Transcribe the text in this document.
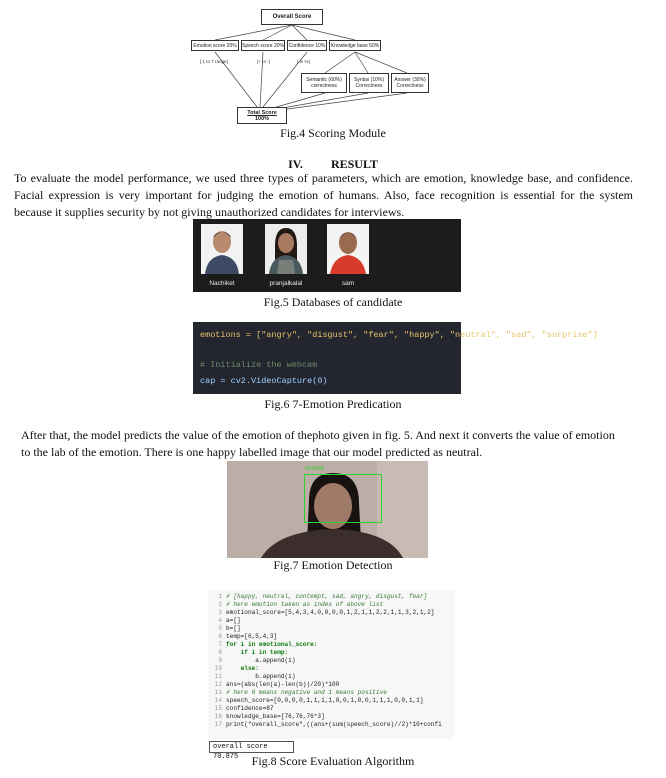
Overall Score
Emotion score 20%	Speech score 20% Confidence 10%	Knowledge base 50%
[ 1 to 7 range]	[+ or -]	[ In %]
Semantic (60%) correctness
Syntax (10%) Correctness
Answer (30%) Correctness
Total Score
100%
Fig.4 Scoring Module
IV. RESULT
To evaluate the model performance, we used three types of parameters, which are emotion, knowledge base, and confidence.
Facial expression is very important for judging the emotion of humans. Also, face recognition is essential for the system
because it supplies security by not giving unauthorized candidates for interviews.
Nachiket	pranjalkalal	sam
Fig.5 Databases of candidate
emotions = ["angry", "disgust", "fear", "happy", "neutral", "sad", "surprise"]
# Initialize the webcam
cap = cv2.VideoCapture(0)
Fig.6 7-Emotion Predication
After that, the model predicts the value of the emotion of thephoto given in fig. 5. And next it converts the value of emotion
to the lab of the emotion. There is one happy labelled image that our model predicted as neutral.
neutral
Fig.7 Emotion Detection
1 # [happy, neutral, contempt, sad, angry, disgust, fear]
2 # here emotion taken as index of above list
3 emotional_score=[5,4,3,4,0,0,0,0,1,2,1,1,2,2,1,1,3,2,1,2]
4 a=[]
5 b=[]
6 temp=[6,5,4,3]
7 for i in emotional_score:
8    if i in temp:
9        a.append(i)
10    else:
11        b.append(i)
12 ans=(abs(len(a)-len(b))/20)*100
13 # here 0 means negative and 1 means positive
14 speech_score=[0,0,0,0,1,1,1,1,0,0,1,0,0,1,1,1,0,0,1,1]
15 confidence=87
16 knowledge_base=[76,76,76*3]
17 print("overall_score",((ans+(sum(speech_score)//2)*10+confi
overall score 70.875	Fig.8 Score Evaluation Algorithm
